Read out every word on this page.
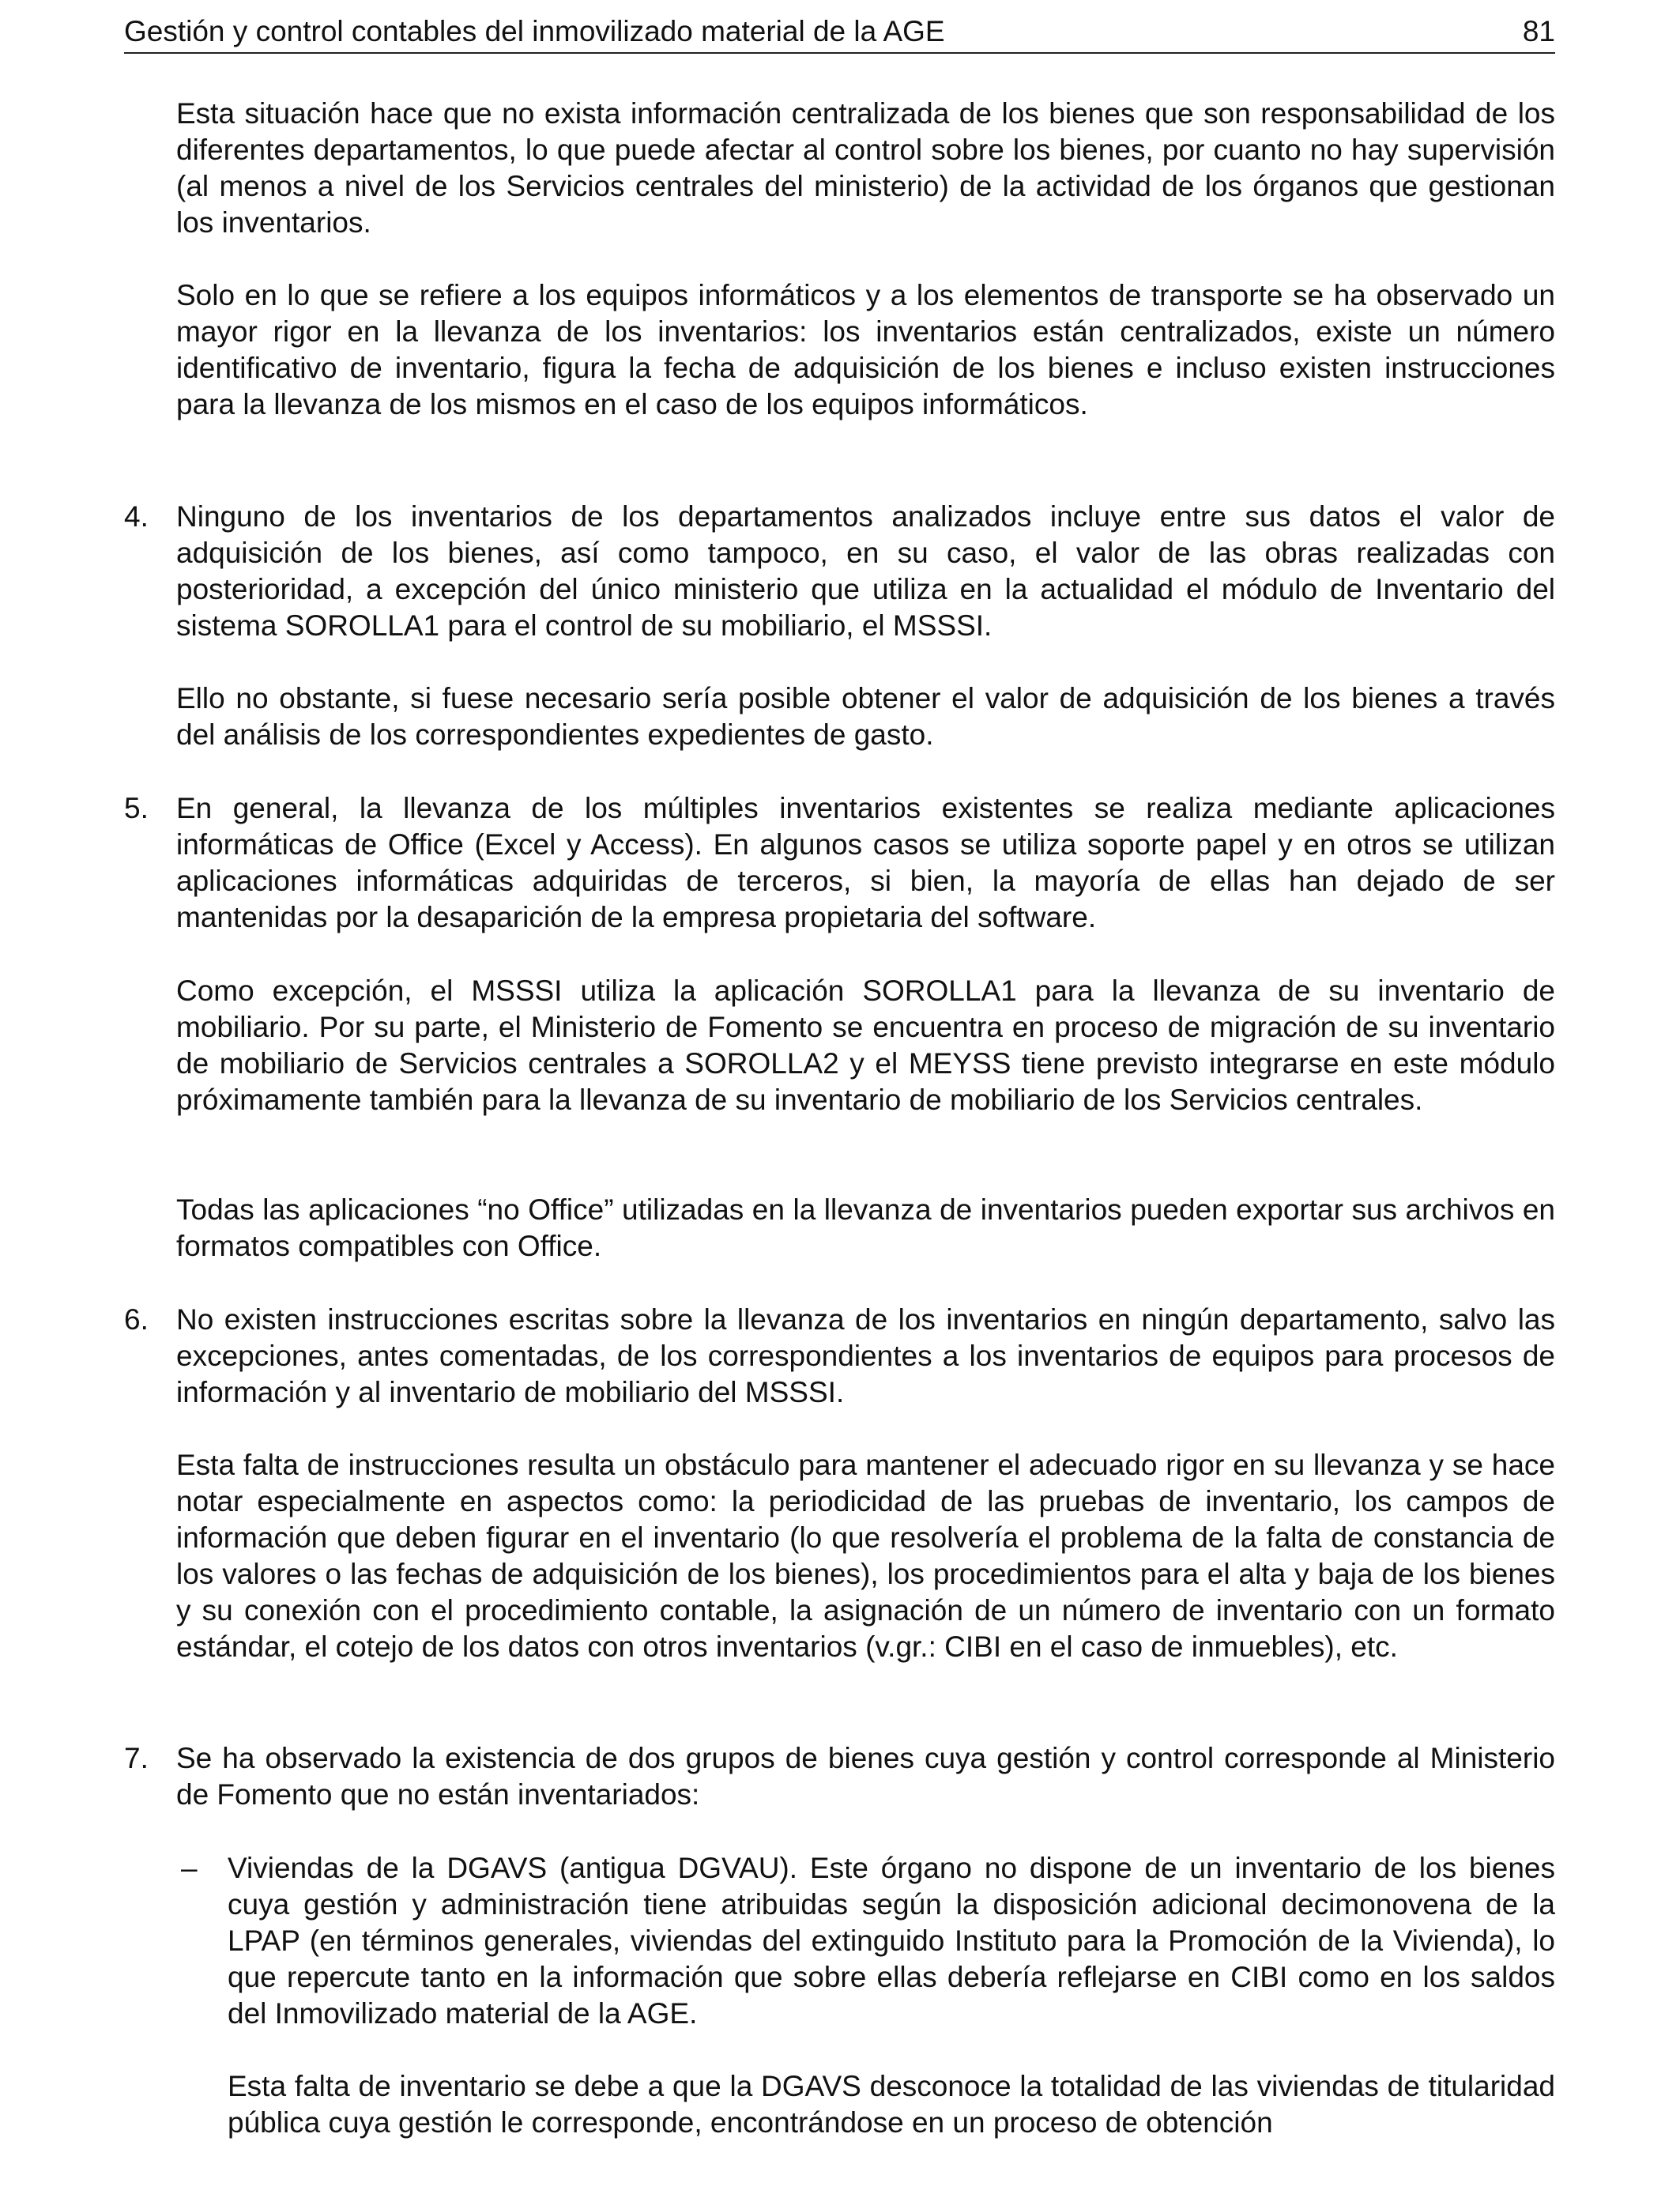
Gestión y control contables del inmovilizado material de la AGE	81

Esta situación hace que no exista información centralizada de los bienes que son responsabilidad de los diferentes departamentos, lo que puede afectar al control sobre los bienes, por cuanto no hay supervisión (al menos a nivel de los Servicios centrales del ministerio) de la actividad de los órganos que gestionan los inventarios.

Solo en lo que se refiere a los equipos informáticos y a los elementos de transporte se ha observado un mayor rigor en la llevanza de los inventarios: los inventarios están centralizados, existe un número identificativo de inventario, figura la fecha de adquisición de los bienes e incluso existen instrucciones para la llevanza de los mismos en el caso de los equipos informáticos.

4. Ninguno de los inventarios de los departamentos analizados incluye entre sus datos el valor de adquisición de los bienes, así como tampoco, en su caso, el valor de las obras realizadas con posterioridad, a excepción del único ministerio que utiliza en la actualidad el módulo de Inventario del sistema SOROLLA1 para el control de su mobiliario, el MSSSI.

Ello no obstante, si fuese necesario sería posible obtener el valor de adquisición de los bienes a través del análisis de los correspondientes expedientes de gasto.

5. En general, la llevanza de los múltiples inventarios existentes se realiza mediante aplicaciones informáticas de Office (Excel y Access). En algunos casos se utiliza soporte papel y en otros se utilizan aplicaciones informáticas adquiridas de terceros, si bien, la mayoría de ellas han dejado de ser mantenidas por la desaparición de la empresa propietaria del software.

Como excepción, el MSSSI utiliza la aplicación SOROLLA1 para la llevanza de su inventario de mobiliario. Por su parte, el Ministerio de Fomento se encuentra en proceso de migración de su inventario de mobiliario de Servicios centrales a SOROLLA2 y el MEYSS tiene previsto integrarse en este módulo próximamente también para la llevanza de su inventario de mobiliario de los Servicios centrales.

Todas las aplicaciones “no Office” utilizadas en la llevanza de inventarios pueden exportar sus archivos en formatos compatibles con Office.

6. No existen instrucciones escritas sobre la llevanza de los inventarios en ningún departamento, salvo las excepciones, antes comentadas, de los correspondientes a los inventarios de equipos para procesos de información y al inventario de mobiliario del MSSSI.

Esta falta de instrucciones resulta un obstáculo para mantener el adecuado rigor en su llevanza y se hace notar especialmente en aspectos como: la periodicidad de las pruebas de inventario, los campos de información que deben figurar en el inventario (lo que resolvería el problema de la falta de constancia de los valores o las fechas de adquisición de los bienes), los procedimientos para el alta y baja de los bienes y su conexión con el procedimiento contable, la asignación de un número de inventario con un formato estándar, el cotejo de los datos con otros inventarios (v.gr.: CIBI en el caso de inmuebles), etc.

7. Se ha observado la existencia de dos grupos de bienes cuya gestión y control corresponde al Ministerio de Fomento que no están inventariados:

– Viviendas de la DGAVS (antigua DGVAU). Este órgano no dispone de un inventario de los bienes cuya gestión y administración tiene atribuidas según la disposición adicional decimonovena de la LPAP (en términos generales, viviendas del extinguido Instituto para la Promoción de la Vivienda), lo que repercute tanto en la información que sobre ellas debería reflejarse en CIBI como en los saldos del Inmovilizado material de la AGE.

Esta falta de inventario se debe a que la DGAVS desconoce la totalidad de las viviendas de titularidad pública cuya gestión le corresponde, encontrándose en un proceso de obtención
